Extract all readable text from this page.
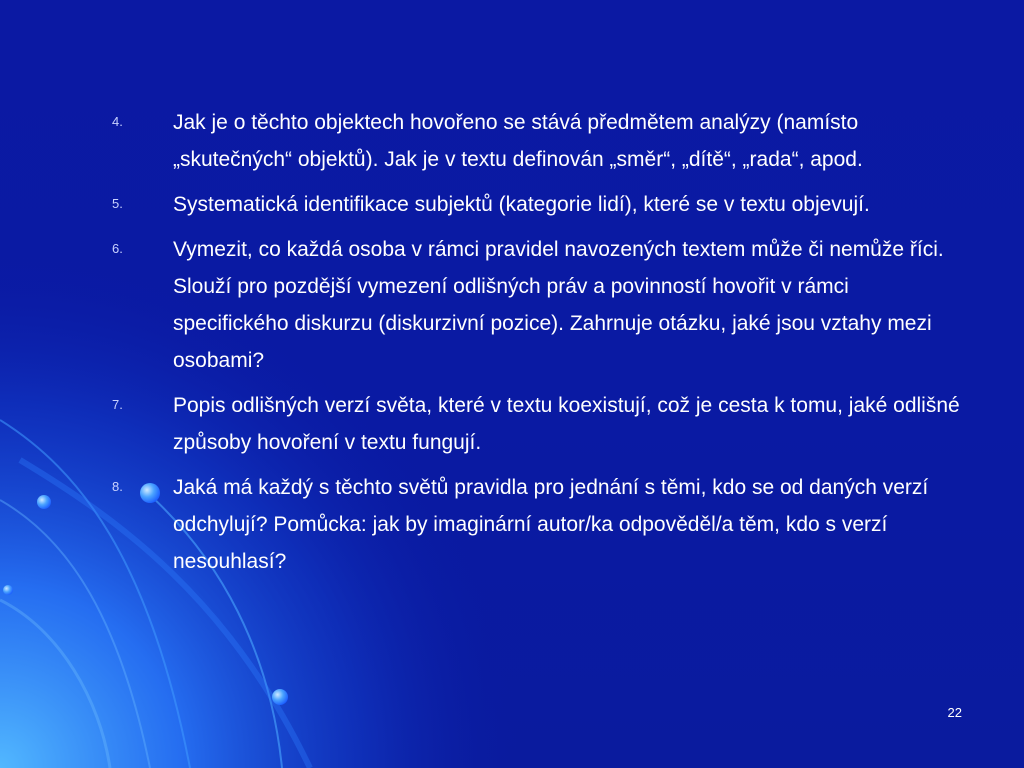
4. Jak je o těchto objektech hovořeno se stává předmětem analýzy (namísto „skutečných“ objektů). Jak je v textu definován „směr“, „dítě“, „rada“, apod.
5. Systematická identifikace subjektů (kategorie lidí), které se v textu objevují.
6. Vymezit, co každá osoba v rámci pravidel navozených textem může či nemůže říci. Slouží pro pozdější vymezení odlišných práv a povinností hovořit v rámci specifického diskurzu (diskurzivní pozice). Zahrnuje otázku, jaké jsou vztahy mezi osobami?
7. Popis odlišných verzí světa, které v textu koexistují, což je cesta k tomu, jaké odlišné způsoby hovoření v textu fungují.
8. Jaká má každý s těchto světů pravidla pro jednání s těmi, kdo se od daných verzí odchylují? Pomůcka: jak by imaginární autor/ka odpověděl/a těm, kdo s verzí nesouhlasí?
22
